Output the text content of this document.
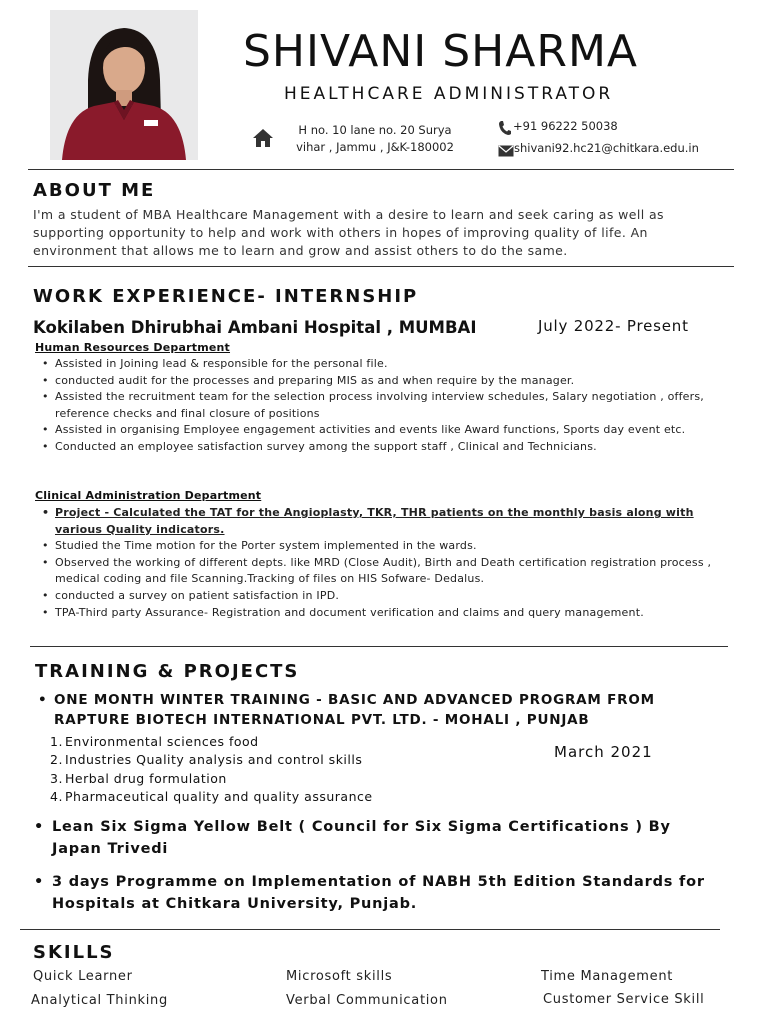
SHIVANI SHARMA
HEALTHCARE ADMINISTRATOR
H no. 10 lane no. 20 Surya
vihar , Jammu , J&K-180002
+91 96222 50038
shivani92.hc21@chitkara.edu.in
ABOUT ME
I'm a student of MBA Healthcare Management with a desire to learn and seek caring as well as supporting opportunity to help and work with others in hopes of improving quality of life. An environment that allows me to learn and grow and assist others to do the same.
WORK EXPERIENCE- INTERNSHIP
Kokilaben Dhirubhai Ambani Hospital , MUMBAI	July 2022- Present
Human Resources Department
• Assisted in Joining lead & responsible for the personal file.
• conducted audit for the processes and preparing MIS as and when require by the manager.
• Assisted the recruitment team for the selection process involving interview schedules, Salary negotiation , offers, reference checks and final closure of positions
• Assisted in organising Employee engagement activities and events like Award functions, Sports day event etc.
• Conducted an employee satisfaction survey among the support staff , Clinical and Technicians.
Clinical Administration Department
• Project - Calculated the TAT for the Angioplasty, TKR, THR patients on the monthly basis along with various Quality indicators.
• Studied the Time motion for the Porter system implemented in the wards.
• Observed the working of different depts. like MRD (Close Audit), Birth and Death certification registration process , medical coding and file Scanning.Tracking of files on HIS Sofware- Dedalus.
• conducted a survey on patient satisfaction in IPD.
• TPA-Third party Assurance- Registration and document verification and claims and query management.
TRAINING & PROJECTS
• ONE MONTH WINTER TRAINING - BASIC AND ADVANCED PROGRAM FROM RAPTURE BIOTECH INTERNATIONAL PVT. LTD. - MOHALI , PUNJAB
1. Environmental sciences food
2. Industries Quality analysis and control skills
3. Herbal drug formulation
4. Pharmaceutical quality and quality assurance
March 2021
• Lean Six Sigma Yellow Belt ( Council for Six Sigma Certifications ) By Japan Trivedi
• 3 days Programme on Implementation of NABH 5th Edition Standards for Hospitals at Chitkara University, Punjab.
SKILLS
Quick Learner	Microsoft skills	Time Management
Analytical Thinking	Verbal Communication	Customer Service Skill
